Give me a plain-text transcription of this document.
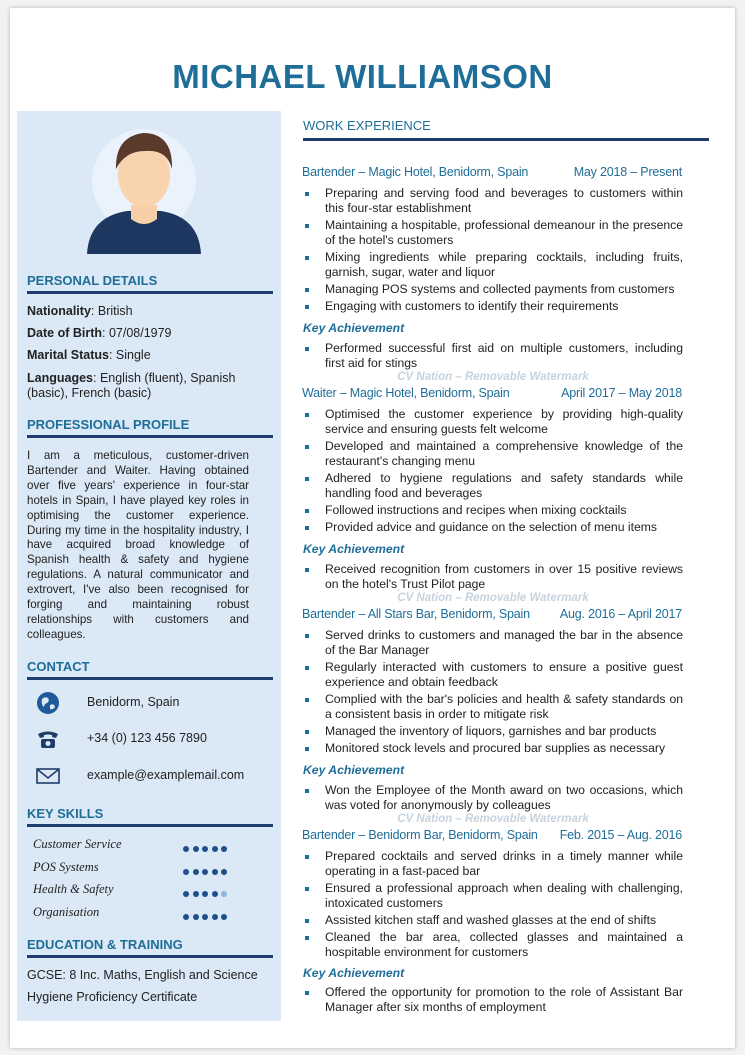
MICHAEL WILLIAMSON
PERSONAL DETAILS
Nationality: British
Date of Birth: 07/08/1979
Marital Status: Single
Languages: English (fluent), Spanish (basic), French (basic)
PROFESSIONAL PROFILE
I am a meticulous, customer-driven Bartender and Waiter. Having obtained over five years' experience in four-star hotels in Spain, I have played key roles in optimising the customer experience. During my time in the hospitality industry, I have acquired broad knowledge of Spanish health & safety and hygiene regulations. A natural communicator and extrovert, I've also been recognised for forging and maintaining robust relationships with customers and colleagues.
CONTACT
Benidorm, Spain
+34 (0) 123 456 7890
example@examplemail.com
KEY SKILLS
Customer Service
POS Systems
Health & Safety
Organisation
EDUCATION & TRAINING
GCSE: 8 Inc. Maths, English and Science
Hygiene Proficiency Certificate
WORK EXPERIENCE
Bartender – Magic Hotel, Benidorm, Spain	May 2018 – Present
Preparing and serving food and beverages to customers within this four-star establishment
Maintaining a hospitable, professional demeanour in the presence of the hotel's customers
Mixing ingredients while preparing cocktails, including fruits, garnish, sugar, water and liquor
Managing POS systems and collected payments from customers
Engaging with customers to identify their requirements
Key Achievement
Performed successful first aid on multiple customers, including first aid for stings
CV Nation – Removable Watermark
Waiter – Magic Hotel, Benidorm, Spain	April 2017 – May 2018
Optimised the customer experience by providing high-quality service and ensuring guests felt welcome
Developed and maintained a comprehensive knowledge of the restaurant's changing menu
Adhered to hygiene regulations and safety standards while handling food and beverages
Followed instructions and recipes when mixing cocktails
Provided advice and guidance on the selection of menu items
Key Achievement
Received recognition from customers in over 15 positive reviews on the hotel's Trust Pilot page
CV Nation – Removable Watermark
Bartender – All Stars Bar, Benidorm, Spain Aug. 2016 – April 2017
Served drinks to customers and managed the bar in the absence of the Bar Manager
Regularly interacted with customers to ensure a positive guest experience and obtain feedback
Complied with the bar's policies and health & safety standards on a consistent basis in order to mitigate risk
Managed the inventory of liquors, garnishes and bar products
Monitored stock levels and procured bar supplies as necessary
Key Achievement
Won the Employee of the Month award on two occasions, which was voted for anonymously by colleagues
CV Nation – Removable Watermark
Bartender – Benidorm Bar, Benidorm, Spain Feb. 2015 – Aug. 2016
Prepared cocktails and served drinks in a timely manner while operating in a fast-paced bar
Ensured a professional approach when dealing with challenging, intoxicated customers
Assisted kitchen staff and washed glasses at the end of shifts
Cleaned the bar area, collected glasses and maintained a hospitable environment for customers
Key Achievement
Offered the opportunity for promotion to the role of Assistant Bar Manager after six months of employment
